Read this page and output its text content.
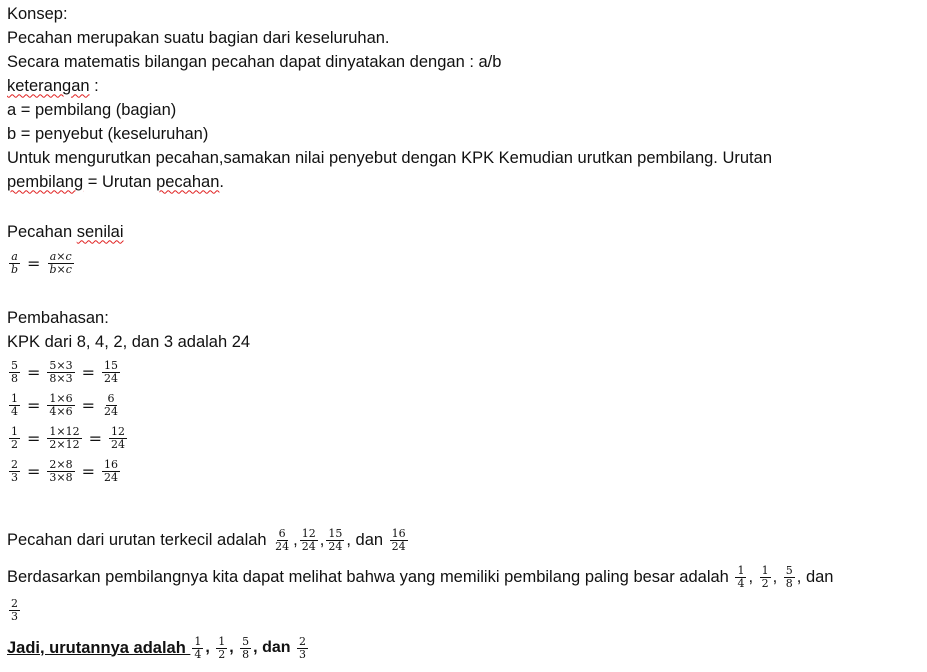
Konsep:
Pecahan merupakan suatu bagian dari keseluruhan.
Secara matematis bilangan pecahan dapat dinyatakan dengan : a/b
keterangan :
a = pembilang (bagian)
b = penyebut (keseluruhan)
Untuk mengurutkan pecahan,samakan nilai penyebut dengan KPK Kemudian urutkan pembilang. Urutan
pembilang = Urutan pecahan .
Pecahan senilai
$\frac{a}{b} = \frac{a\times c}{b\times c}$
Pembahasan:
KPK dari 8, 4, 2, dan 3 adalah 24
$\frac{5}{8} = \frac{5\times 3}{8\times 3} = \frac{15}{24}$
$\frac{1}{4} = \frac{1\times 6}{4\times 6} = \frac{6}{24}$
$\frac{1}{2} = \frac{1\times 12}{2\times 12} = \frac{12}{24}$
$\frac{2}{3} = \frac{2\times 8}{3\times 8} = \frac{16}{24}$
Pecahan dari urutan terkecil adalah $\frac{6}{24}$ , $\frac{12}{24}$ , $\frac{15}{24}$ , dan $\frac{16}{24}$
Berdasarkan pembilangnya kita dapat melihat bahwa yang memiliki pembilang paling besar adalah $\frac{1}{4}$ , $\frac{1}{2}$ , $\frac{5}{8}$ , dan
$\frac{2}{3}$
Jadi, urutannya adalah $\frac{1}{4}$ , $\frac{1}{2}$ , $\frac{5}{8}$ , dan $\frac{2}{3}$
